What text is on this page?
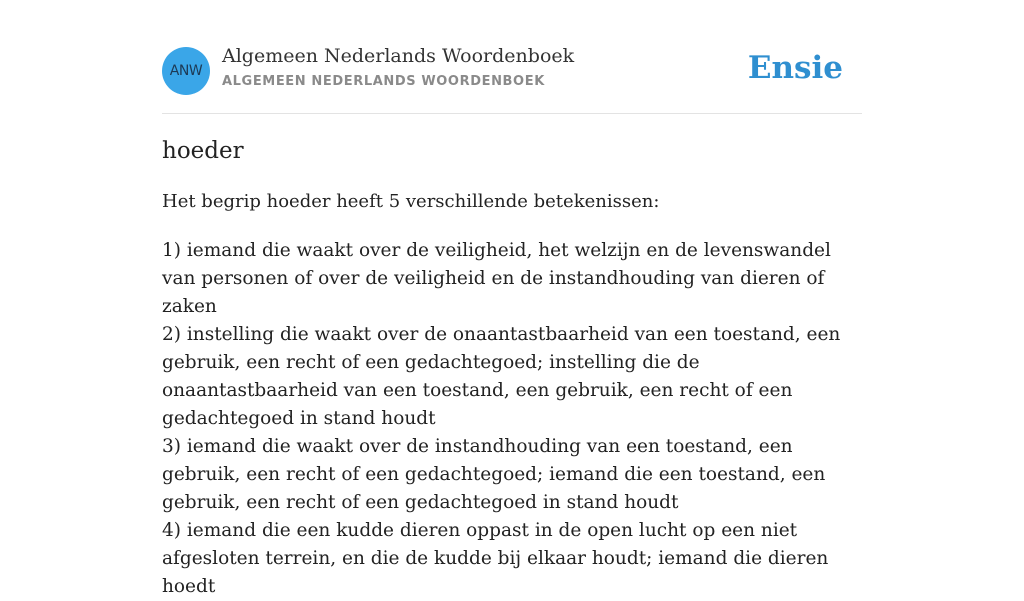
ANW
Algemeen Nederlands Woordenboek
ALGEMEEN NEDERLANDS WOORDENBOEK	Ensie
hoeder

Het begrip hoeder heeft 5 verschillende betekenissen:

1) iemand die waakt over de veiligheid, het welzijn en de levenswandel van personen of over de veiligheid en de instandhouding van dieren of zaken
2) instelling die waakt over de onaantastbaarheid van een toestand, een gebruik, een recht of een gedachtegoed; instelling die de onaantastbaarheid van een toestand, een gebruik, een recht of een gedachtegoed in stand houdt
3) iemand die waakt over de instandhouding van een toestand, een gebruik, een recht of een gedachtegoed; iemand die een toestand, een gebruik, een recht of een gedachtegoed in stand houdt
4) iemand die een kudde dieren oppast in de open lucht op een niet afgesloten terrein, en die de kudde bij elkaar houdt; iemand die dieren hoedt
